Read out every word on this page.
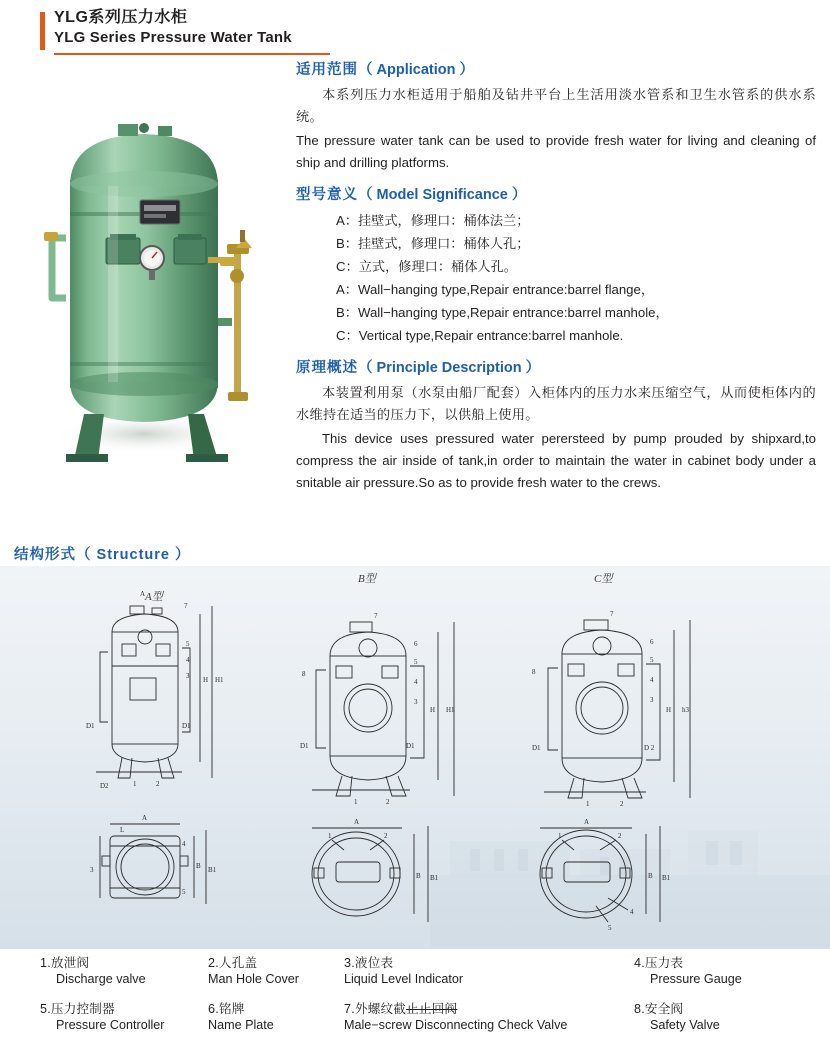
YLG系列压力水柜
YLG Series Pressure Water Tank
适用范围（ Application ）

本系列压力水柜适用于船舶及钻井平台上生活用淡水管系和卫生水管系的供水系统。

The pressure water tank can be used to provide fresh water for living and cleaning of ship and drilling platforms.

型号意义（ Model Significance ）
A：挂壁式，修理口：桶体法兰；
B：挂壁式，修理口：桶体人孔；
C：立式，修理口：桶体人孔。
A：Wall−hanging type,Repair entrance:barrel flange，
B：Wall−hanging type,Repair entrance:barrel manhole，
C：Vertical type,Repair entrance:barrel manhole.
原理概述（ Principle Description ）

本装置利用泵（水泵由船厂配套）入柜体内的压力水来压缩空气，从而使柜体内的水维持在适当的压力下，以供船上使用。

This device uses pressured water perersteed by pump prouded by shipxard,to compress the air inside of tank,in order to maintain the water in cabinet body under a snitable air pressure.So as to provide fresh water to the crews.

结构形式（ Structure ）
7
5
4
3 H H1
D1	D1
1	2
D2
A A型
7
6
5
4
3
H H1
D1	D1
8
1	2
B型
7
6
5
4
3
H h3
D1	D 2
8
1	2
C型
A
L
B B1
4
5
3
A
B B1
1	2
A
B B1
1	2
4
5
1.放泄阀	2.人孔盖	3.液位表	4.压力表
Discharge valve	Man Hole Cover	Liquid Level Indicator	Pressure Gauge
5.压力控制器	6.铭牌	7.外螺纹截止止回阀	8.安全阀
Pressure Controller	Name Plate	Male−screw Disconnecting Check Valve	Safety Valve
